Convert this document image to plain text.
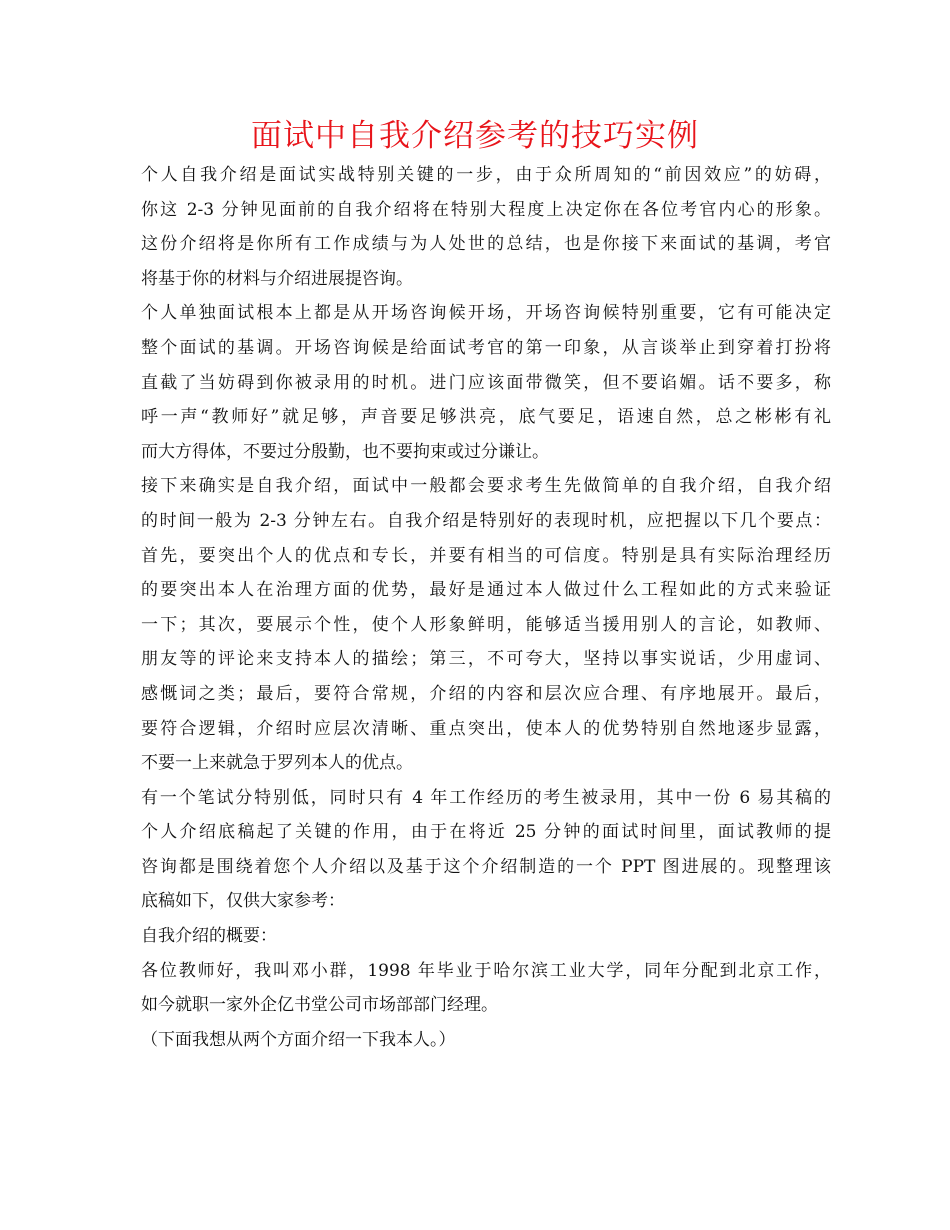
面试中自我介绍参考的技巧实例
个人自我介绍是面试实战特别关键的一步，由于众所周知的“前因效应”的妨碍，
你这 2-3 分钟见面前的自我介绍将在特别大程度上决定你在各位考官内心的形象。
这份介绍将是你所有工作成绩与为人处世的总结，也是你接下来面试的基调，考官
将基于你的材料与介绍进展提咨询。
个人单独面试根本上都是从开场咨询候开场，开场咨询候特别重要，它有可能决定
整个面试的基调。开场咨询候是给面试考官的第一印象，从言谈举止到穿着打扮将
直截了当妨碍到你被录用的时机。进门应该面带微笑，但不要谄媚。话不要多，称
呼一声“教师好”就足够，声音要足够洪亮，底气要足，语速自然，总之彬彬有礼
而大方得体，不要过分殷勤，也不要拘束或过分谦让。
接下来确实是自我介绍，面试中一般都会要求考生先做简单的自我介绍，自我介绍
的时间一般为 2-3 分钟左右。自我介绍是特别好的表现时机，应把握以下几个要点：
首先，要突出个人的优点和专长，并要有相当的可信度。特别是具有实际治理经历
的要突出本人在治理方面的优势，最好是通过本人做过什么工程如此的方式来验证
一下；其次，要展示个性，使个人形象鲜明，能够适当援用别人的言论，如教师、
朋友等的评论来支持本人的描绘；第三，不可夸大，坚持以事实说话，少用虚词、
感慨词之类；最后，要符合常规，介绍的内容和层次应合理、有序地展开。最后，
要符合逻辑，介绍时应层次清晰、重点突出，使本人的优势特别自然地逐步显露，
不要一上来就急于罗列本人的优点。
有一个笔试分特别低，同时只有 4 年工作经历的考生被录用，其中一份 6 易其稿的
个人介绍底稿起了关键的作用，由于在将近 25 分钟的面试时间里，面试教师的提
咨询都是围绕着您个人介绍以及基于这个介绍制造的一个 PPT 图进展的。现整理该
底稿如下，仅供大家参考：
自我介绍的概要：
各位教师好，我叫邓小群，1998 年毕业于哈尔滨工业大学，同年分配到北京工作，
如今就职一家外企亿书堂公司市场部部门经理。
（下面我想从两个方面介绍一下我本人。）
